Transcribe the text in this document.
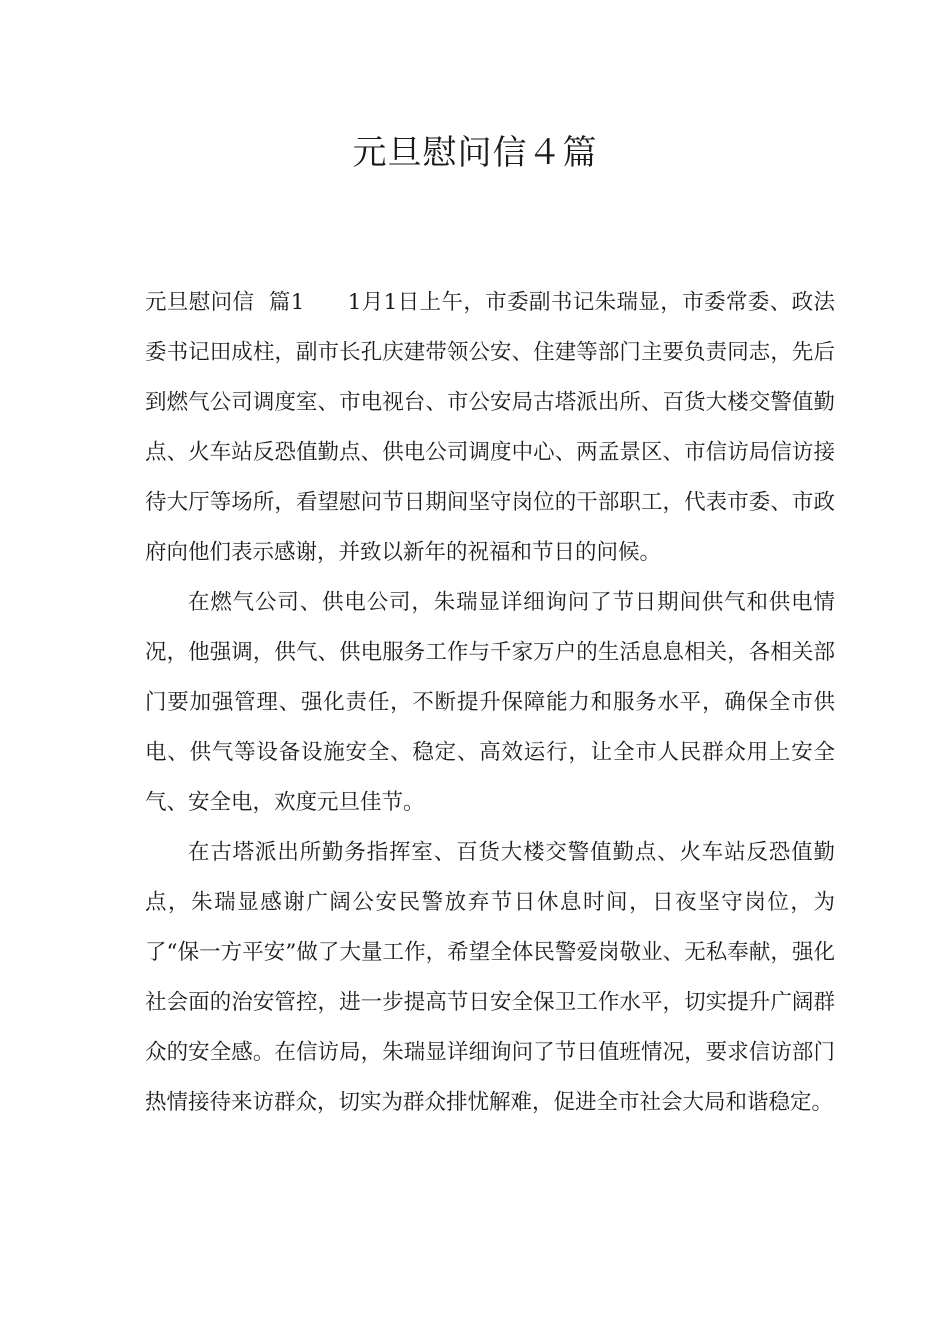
元旦慰问信４篇

元旦慰问信  篇1 1月1日上午，市委副书记朱瑞显，市委常委、政法委书记田成柱，副市长孔庆建带领公安、住建等部门主要负责同志，先后到燃气公司调度室、市电视台、市公安局古塔派出所、百货大楼交警值勤点、火车站反恐值勤点、供电公司调度中心、两孟景区、市信访局信访接待大厅等场所，看望慰问节日期间坚守岗位的干部职工，代表市委、市政府向他们表示感谢，并致以新年的祝福和节日的问候。

在燃气公司、供电公司，朱瑞显详细询问了节日期间供气和供电情况，他强调，供气、供电服务工作与千家万户的生活息息相关，各相关部门要加强管理、强化责任，不断提升保障能力和服务水平，确保全市供电、供气等设备设施安全、稳定、高效运行，让全市人民群众用上安全气、安全电，欢度元旦佳节。

在古塔派出所勤务指挥室、百货大楼交警值勤点、火车站反恐值勤点，朱瑞显感谢广阔公安民警放弃节日休息时间，日夜坚守岗位，为了“保一方平安”做了大量工作，希望全体民警爱岗敬业、无私奉献，强化社会面的治安管控，进一步提高节日安全保卫工作水平，切实提升广阔群众的安全感。在信访局，朱瑞显详细询问了节日值班情况，要求信访部门热情接待来访群众，切实为群众排忧解难，促进全市社会大局和谐稳定。
